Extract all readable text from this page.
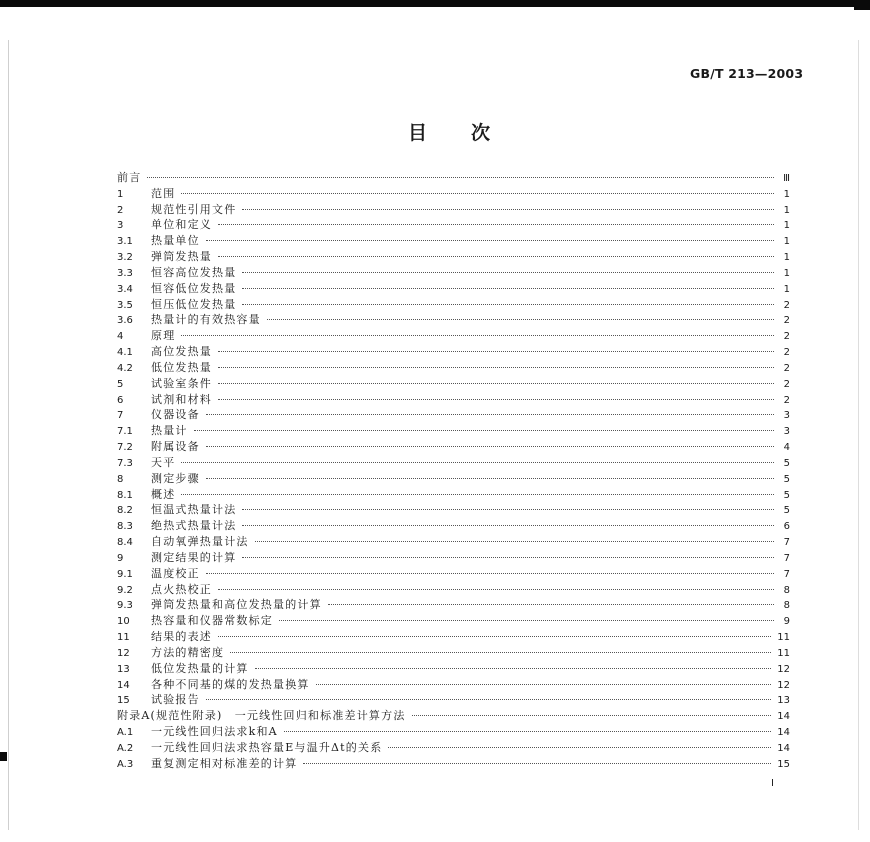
GB/T 213—2003
目次
前言	Ⅲ
1	范围	1
2	规范性引用文件	1
3	单位和定义	1
3.1	热量单位	1
3.2	弹筒发热量	1
3.3	恒容高位发热量	1
3.4	恒容低位发热量	1
3.5	恒压低位发热量	2
3.6	热量计的有效热容量	2
4	原理	2
4.1	高位发热量	2
4.2	低位发热量	2
5	试验室条件	2
6	试剂和材料	2
7	仪器设备	3
7.1	热量计	3
7.2	附属设备	4
7.3	天平	5
8	测定步骤	5
8.1	概述	5
8.2	恒温式热量计法	5
8.3	绝热式热量计法	6
8.4	自动氧弹热量计法	7
9	测定结果的计算	7
9.1	温度校正	7
9.2	点火热校正	8
9.3	弹筒发热量和高位发热量的计算	8
10	热容量和仪器常数标定	9
11	结果的表述	11
12	方法的精密度	11
13	低位发热量的计算	12
14	各种不同基的煤的发热量换算	12
15	试验报告	13
附录A(规范性附录)　一元线性回归和标准差计算方法	14
A.1	一元线性回归法求k和A	14
A.2	一元线性回归法求热容量E与温升Δt的关系	14
A.3	重复测定相对标准差的计算	15
I
